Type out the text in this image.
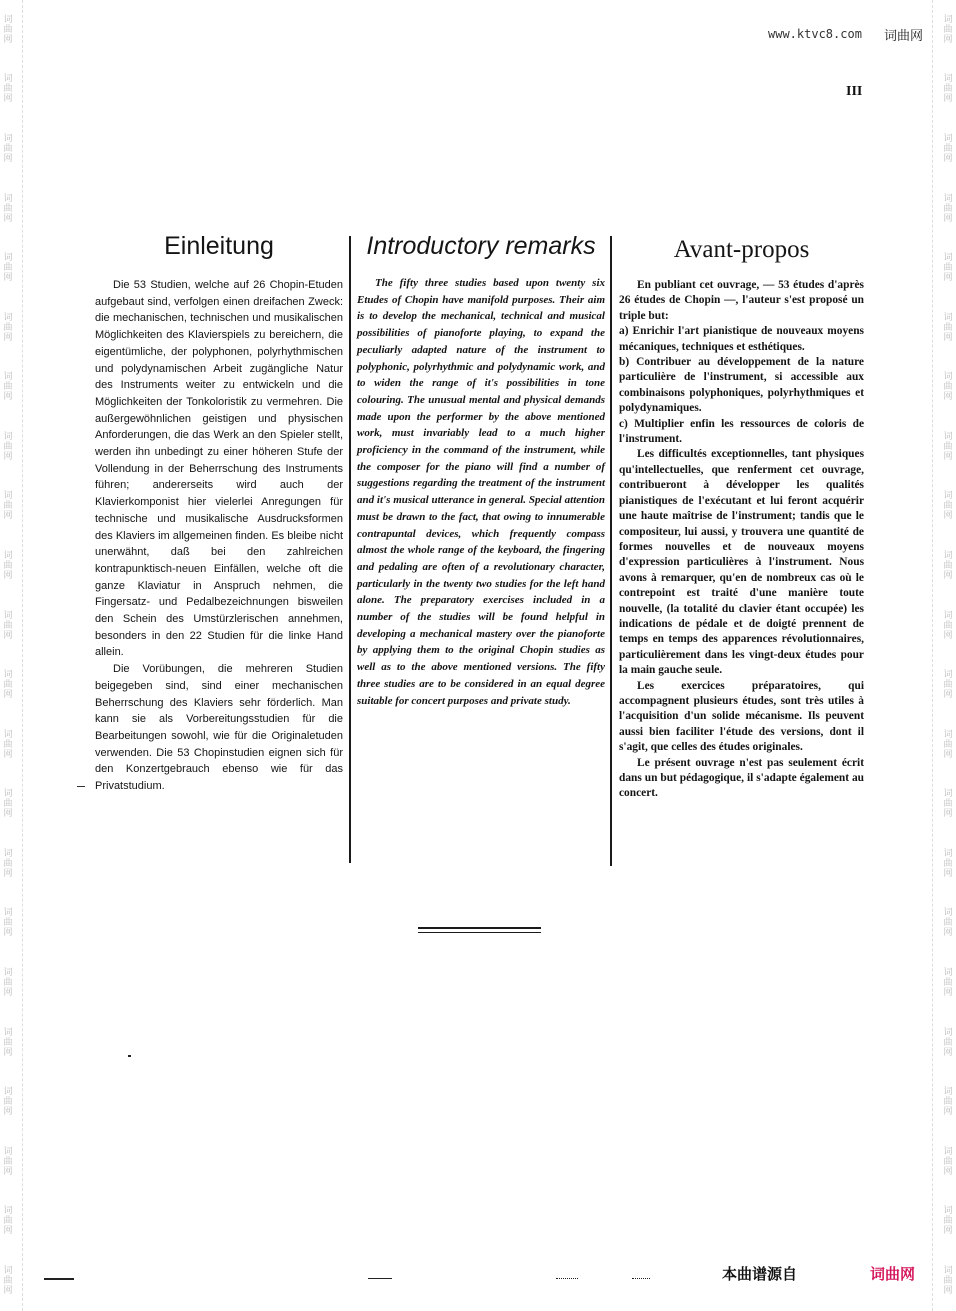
词
曲
网
词
曲
网
词
曲
网
词
曲
网
词
曲
网
词
曲
网
词
曲
网
词
曲
网
词
曲
网
词
曲
网
词
曲
网
词
曲
网
词
曲
网
词
曲
网
词
曲
网
词
曲
网
词
曲
网
词
曲
网
词
曲
网
词
曲
网
词
曲
网
词
曲
网
词
曲
网
词
曲
网
词
曲
网
词
曲
网
词
曲
网
词
曲
网
词
曲
网
词
曲
网
词
曲
网
词
曲
网
词
曲
网
词
曲
网
词
曲
网
词
曲
网
词
曲
网
词
曲
网
词
曲
网
词
曲
网
词
曲
网
词
曲
网
词
曲
网
词
曲
网
www.ktvc8.com 词曲网
III
Einleitung

Die 53 Studien, welche auf 26 Chopin-Etuden aufgebaut sind, verfolgen einen dreifachen Zweck: die mechanischen, technischen und musikalischen Möglichkeiten des Klavierspiels zu bereichern, die eigentümliche, der polyphonen, polyrhythmischen und polydynamischen Arbeit zugängliche Natur des Instruments weiter zu entwickeln und die Möglichkeiten der Tonkoloristik zu vermehren. Die außergewöhnlichen geistigen und physischen Anforderungen, die das Werk an den Spieler stellt, werden ihn unbedingt zu einer höheren Stufe der Vollendung in der Beherrschung des Instruments führen; andererseits wird auch der Klavierkomponist hier vielerlei Anregungen für technische und musikalische Ausdrucksformen des Klaviers im allgemeinen finden. Es bleibe nicht unerwähnt, daß bei den zahlreichen kontrapunktisch-neuen Einfällen, welche oft die ganze Klaviatur in Anspruch nehmen, die Fingersatz- und Pedalbezeichnungen bisweilen den Schein des Umstürzlerischen annehmen, besonders in den 22 Studien für die linke Hand allein.

Die Vorübungen, die mehreren Studien beigegeben sind, sind einer mechanischen Beherrschung des Klaviers sehr förderlich. Man kann sie als Vorbereitungsstudien für die Bearbeitungen sowohl, wie für die Originaletuden verwenden. Die 53 Chopinstudien eignen sich für den Konzertgebrauch ebenso wie für das Privatstudium.

Introductory remarks

The fifty three studies based upon twenty six Etudes of Chopin have manifold purposes. Their aim is to develop the mechanical, technical and musical possibilities of pianoforte playing, to expand the peculiarly adapted nature of the instrument to polyphonic, polyrhythmic and polydynamic work, and to widen the range of it's possibilities in tone colouring. The unusual mental and physical demands made upon the performer by the above mentioned work, must invariably lead to a much higher proficiency in the command of the instrument, while the composer for the piano will find a number of suggestions regarding the treatment of the instrument and it's musical utterance in general. Special attention must be drawn to the fact, that owing to innumerable contrapuntal devices, which frequently compass almost the whole range of the keyboard, the fingering and pedaling are often of a revolutionary character, particularly in the twenty two studies for the left hand alone. The preparatory exercises included in a number of the studies will be found helpful in developing a mechanical mastery over the pianoforte by applying them to the original Chopin studies as well as to the above mentioned versions. The fifty three studies are to be considered in an equal degree suitable for concert purposes and private study.

Avant-propos

En publiant cet ouvrage, — 53 études d'après 26 études de Chopin —, l'auteur s'est proposé un triple but:

a) Enrichir l'art pianistique de nouveaux moyens mécaniques, techniques et esthétiques.

b) Contribuer au développement de la nature particulière de l'instrument, si accessible aux combinaisons polyphoniques, polyrhythmiques et polydynamiques.

c) Multiplier enfin les ressources de coloris de l'instrument.

Les difficultés exceptionnelles, tant physiques qu'intellectuelles, que renferment cet ouvrage, contribueront à développer les qualités pianistiques de l'exécutant et lui feront acquérir une haute maîtrise de l'instrument; tandis que le compositeur, lui aussi, y trouvera une quantité de formes nouvelles et de nouveaux moyens d'expression particulières à l'instrument. Nous avons à remarquer, qu'en de nombreux cas où le contrepoint est traité d'une manière toute nouvelle, (la totalité du clavier étant occupée) les indications de pédale et de doigté prennent de temps en temps des apparences révolutionnaires, particulièrement dans les vingt-deux études pour la main gauche seule.

Les exercices préparatoires, qui accompagnent plusieurs études, sont très utiles à l'acquisition d'un solide mécanisme. Ils peuvent aussi bien faciliter l'étude des versions, dont il s'agit, que celles des études originales.

Le présent ouvrage n'est pas seulement écrit dans un but pédagogique, il s'adapte également au concert.

本曲谱源自	词曲网
